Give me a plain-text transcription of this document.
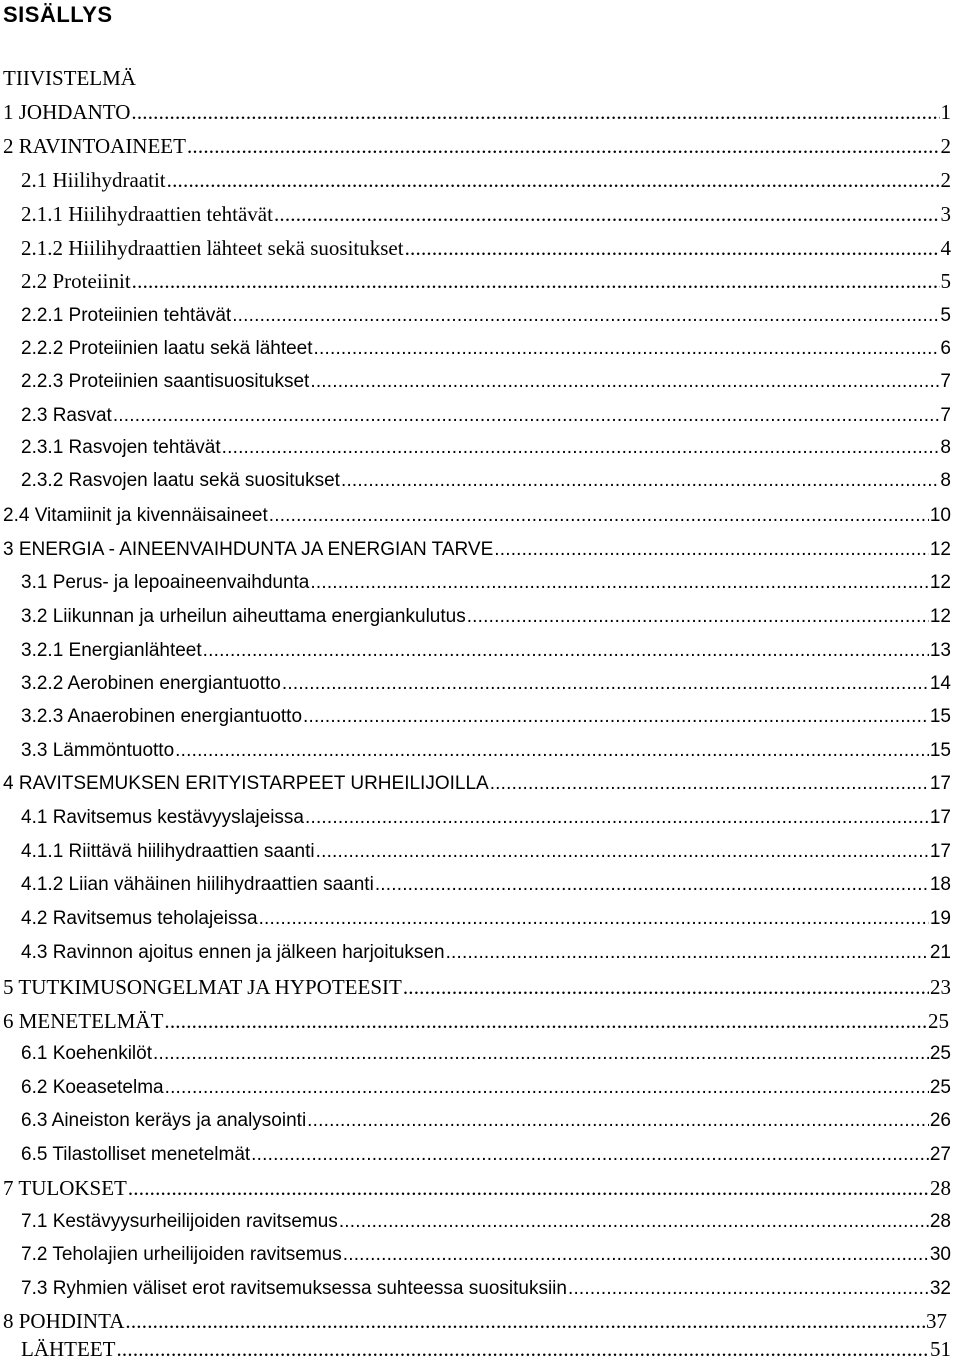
SISÄLLYS
TIIVISTELMÄ
1 JOHDANTO .....	1
2 RAVINTOAINEET .....	2
2.1 Hiilihydraatit .....	2
2.1.1 Hiilihydraattien tehtävät .....	3
2.1.2 Hiilihydraattien lähteet sekä suositukset .....	4
2.2 Proteiinit .....	5
2.2.1 Proteiinien tehtävät .....	5
2.2.2 Proteiinien laatu sekä lähteet .....	6
2.2.3 Proteiinien saantisuositukset .....	7
2.3 Rasvat .....	7
2.3.1 Rasvojen tehtävät .....	8
2.3.2 Rasvojen laatu sekä suositukset .....	8
2.4 Vitamiinit ja kivennäisaineet .....	10
3 ENERGIA - AINEENVAIHDUNTA JA ENERGIAN TARVE .....	12
3.1 Perus- ja lepoaineenvaihdunta .....	12
3.2 Liikunnan ja urheilun aiheuttama energiankulutus .....	12
3.2.1 Energianlähteet .....	13
3.2.2 Aerobinen energiantuotto .....	14
3.2.3 Anaerobinen energiantuotto .....	15
3.3 Lämmöntuotto .....	15
4 RAVITSEMUKSEN ERITYISTARPEET URHEILIJOILLA .....	17
4.1 Ravitsemus kestävyyslajeissa .....	17
4.1.1 Riittävä hiilihydraattien saanti .....	17
4.1.2 Liian vähäinen hiilihydraattien saanti .....	18
4.2 Ravitsemus teholajeissa .....	19
4.3 Ravinnon ajoitus ennen ja jälkeen harjoituksen .....	21
5 TUTKIMUSONGELMAT JA HYPOTEESIT .....	23
6 MENETELMÄT .....	25
6.1 Koehenkilöt .....	25
6.2 Koeasetelma .....	25
6.3 Aineiston keräys ja analysointi .....	26
6.5 Tilastolliset menetelmät .....	27
7 TULOKSET .....	28
7.1 Kestävyysurheilijoiden ravitsemus .....	28
7.2 Teholajien urheilijoiden ravitsemus .....	30
7.3 Ryhmien väliset erot ravitsemuksessa suhteessa suosituksiin .....	32
8 POHDINTA .....	37
LÄHTEET .....	51
